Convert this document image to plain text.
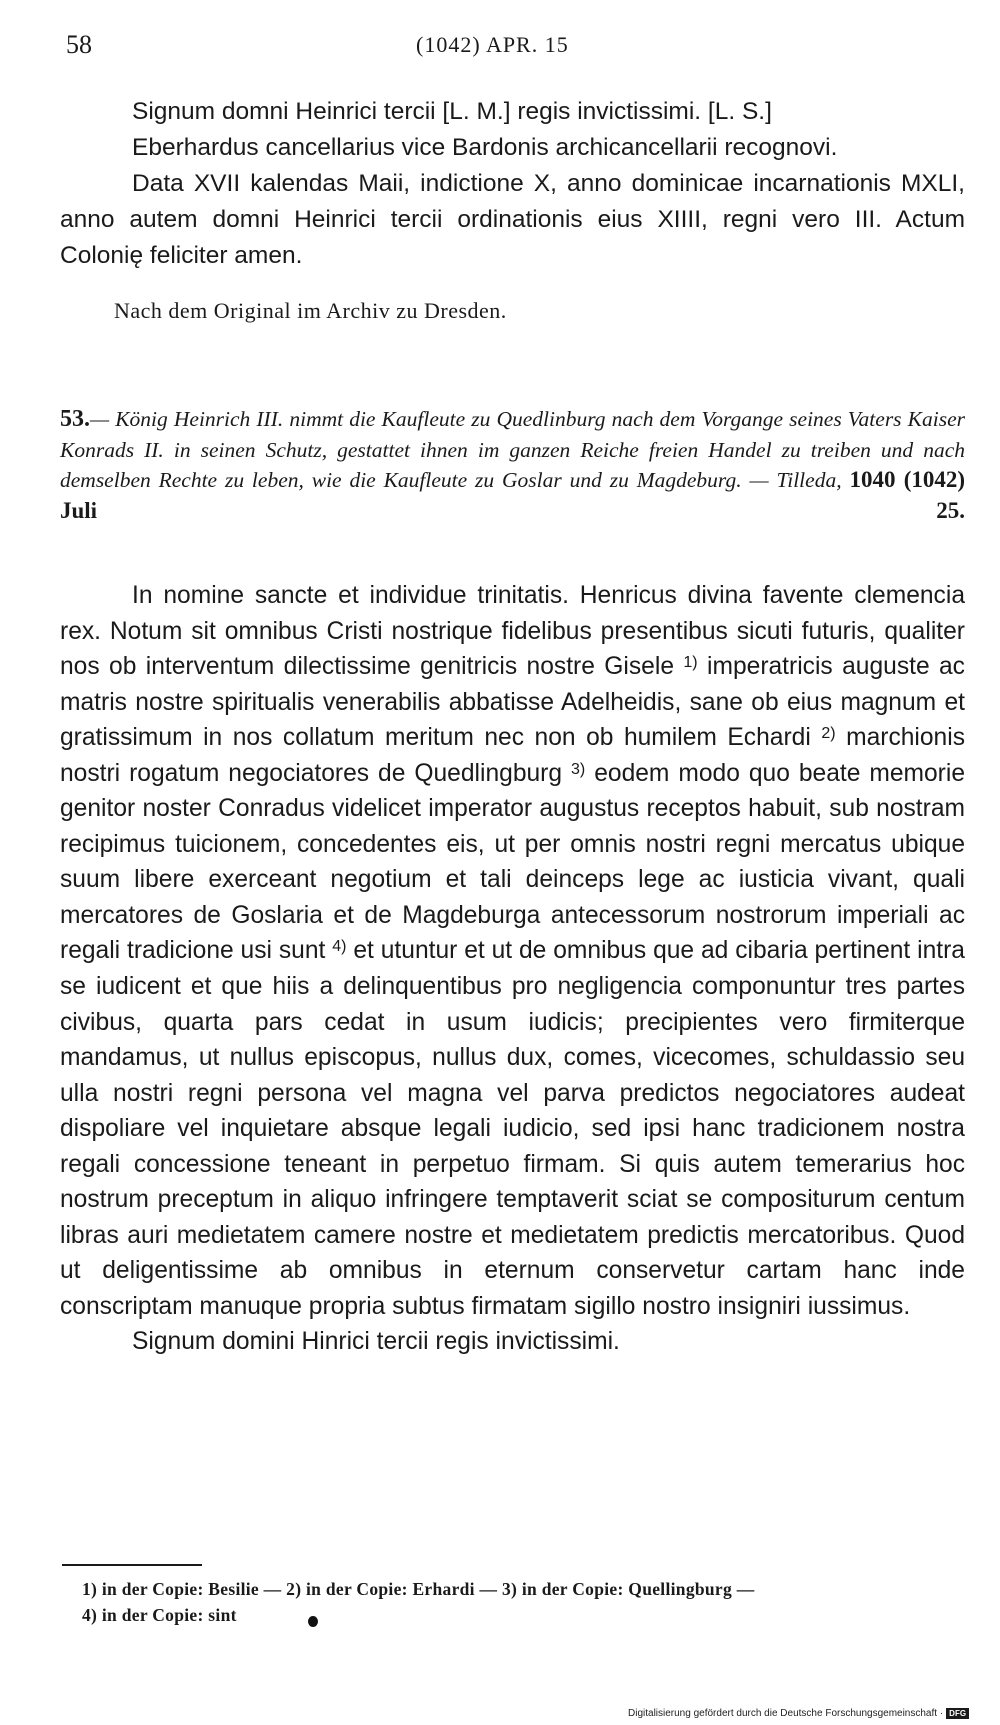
58	(1042) APR. 15

Signum domni Heinrici tercii [L. M.] regis invictissimi. [L. S.]

Eberhardus cancellarius vice Bardonis archicancellarii recognovi.

Data XVII kalendas Maii, indictione X, anno dominicae incarnationis MXLI, anno autem domni Heinrici tercii ordinationis eius XIIII, regni vero III. Actum Colonię feliciter amen.

Nach dem Original im Archiv zu Dresden.
53.— König Heinrich III. nimmt die Kaufleute zu Quedlinburg nach dem Vorgange seines Vaters Kaiser Konrads II. in seinen Schutz, gestattet ihnen im ganzen Reiche freien Handel zu treiben und nach demselben Rechte zu leben, wie die Kaufleute zu Goslar und zu Magdeburg. — Tilleda, 1040 (1042) Juli 25.

In nomine sancte et individue trinitatis. Henricus divina favente clemencia rex. Notum sit omnibus Cristi nostrique fidelibus presentibus sicuti futuris, qualiter nos ob interventum dilectissime genitricis nostre Gisele $^{1)}$ imperatricis auguste ac matris nostre spiritualis venerabilis abbatisse Adelheidis, sane ob eius magnum et gratissimum in nos collatum meritum nec non ob humilem Echardi $^{2)}$ marchionis nostri rogatum negociatores de Quedlingburg $^{3)}$ eodem modo quo beate memorie genitor noster Conradus videlicet imperator augustus receptos habuit, sub nostram recipimus tuicionem, concedentes eis, ut per omnis nostri regni mercatus ubique suum libere exerceant negotium et tali deinceps lege ac iusticia vivant, quali mercatores de Goslaria et de Magdeburga antecessorum nostrorum imperiali ac regali tradicione usi sunt $^{4)}$ et utuntur et ut de omnibus que ad cibaria pertinent intra se iudicent et que hiis a delinquentibus pro negligencia componuntur tres partes civibus, quarta pars cedat in usum iudicis; precipientes vero firmiterque mandamus, ut nullus episcopus, nullus dux, comes, vicecomes, schuldassio seu ulla nostri regni persona vel magna vel parva predictos negociatores audeat dispoliare vel inquietare absque legali iudicio, sed ipsi hanc tradicionem nostra regali concessione teneant in perpetuo firmam. Si quis autem temerarius hoc nostrum preceptum in aliquo infringere temptaverit sciat se compositurum centum libras auri medietatem camere nostre et medietatem predictis mercatoribus. Quod ut deligentissime ab omnibus in eternum conservetur cartam hanc inde conscriptam manuque propria subtus firmatam sigillo nostro insigniri iussimus.

Signum domini Hinrici tercii regis invictissimi.

1) in der Copie: Besilie — 2) in der Copie: Erhardi — 3) in der Copie: Quellingburg —
4) in der Copie: sint
Digitalisierung gefördert durch die Deutsche Forschungsgemeinschaft · DFG
